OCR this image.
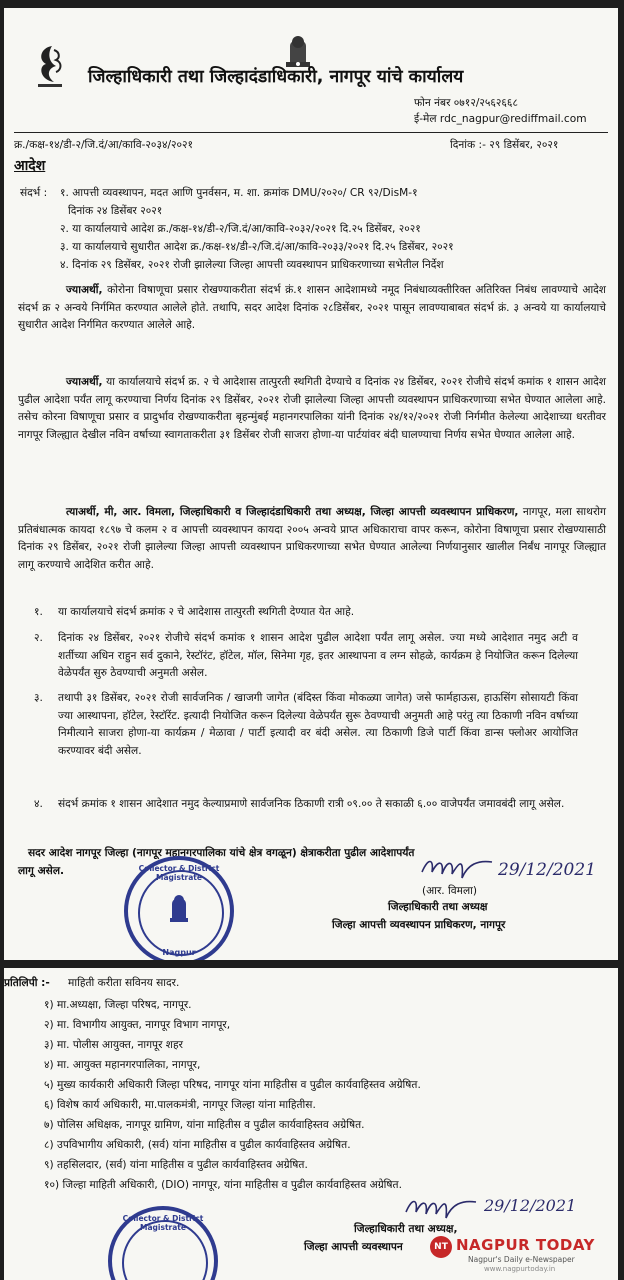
जिल्हाधिकारी तथा जिल्हादंडाधिकारी, नागपूर यांचे कार्यालय
फोन नंबर ०७१२/२५६२६६८
ई-मेल rdc_nagpur@rediffmail.com
क्र./कक्ष-१४/डी-२/जि.दं/आ/कावि-२०३४/२०२१	दिनांक :- २९ डिसेंबर, २०२१
आदेश
संदर्भ : १. आपत्ती व्यवस्थापन, मदत आणि पुनर्वसन, म. शा. क्रमांक DMU/२०२०/ CR ९२/DisM-१
दिनांक २४ डिसेंबर २०२१
२. या कार्यालयाचे आदेश क्र./कक्ष-१४/डी-२/जि.दं/आ/कावि-२०३२/२०२१ दि.२५ डिसेंबर, २०२१
३. या कार्यालयाचे सुधारीत आदेश क्र./कक्ष-१४/डी-२/जि.दं/आ/कावि-२०३३/२०२१ दि.२५ डिसेंबर, २०२१
४. दिनांक २९ डिसेंबर, २०२१ रोजी झालेल्या जिल्हा आपत्ती व्यवस्थापन प्राधिकरणाच्या सभेतील निर्देश
ज्याअर्थी, कोरोना विषाणूचा प्रसार रोखण्याकरीता संदर्भ क्रं.१ शासन आदेशामध्ये नमूद निबंधाव्यक्तीरिक्त अतिरिक्त निबंध लावण्याचे आदेश संदर्भ क्र २ अन्वये निर्गमित करण्यात आलेले होते. तथापि, सदर आदेश दिनांक २८डिसेंबर, २०२१ पासून लावण्याबाबत संदर्भ क्रं. ३ अन्वये या कार्यालयाचे सुधारीत आदेश निर्गमित करण्यात आलेले आहे.
ज्याअर्थी, या कार्यालयाचे संदर्भ क्र. २ चे आदेशास तात्पुरती स्थगिती देण्याचे व दिनांक २४ डिसेंबर, २०२१ रोजीचे संदर्भ कमांक १ शासन आदेश पुढील आदेशा पर्यंत लागू करण्याचा निर्णय दिनांक २९ डिसेंबर, २०२१ रोजी झालेल्या जिल्हा आपत्ती व्यवस्थापन प्राधिकरणाच्या सभेत घेण्यात आलेला आहे. तसेच कोरना विषाणूचा प्रसार व प्रादुर्भाव रोखण्याकरीता बृहन्मुंबई महानगरपालिका यांनी दिनांक २४/१२/२०२१ रोजी निर्गमीत केलेल्या आदेशाच्या धरतीवर नागपूर जिल्ह्यात देखील नविन वर्षाच्या स्वागताकरीता ३१ डिसेंबर रोजी साजरा होणा-या पार्टयांवर बंदी घालण्याचा निर्णय सभेत घेण्यात आलेला आहे.
त्याअर्थी, मी, आर. विमला, जिल्हाधिकारी व जिल्हादंडाधिकारी तथा अध्यक्ष, जिल्हा आपत्ती व्यवस्थापन प्राधिकरण, नागपूर, मला साथरोग प्रतिबंधात्मक कायदा १८९७ चे कलम २ व आपत्ती व्यवस्थापन कायदा २००५ अन्वये प्राप्त अधिकाराचा वापर करून, कोरोना विषाणूचा प्रसार रोखण्यासाठी दिनांक २९ डिसेंबर, २०२१ रोजी झालेल्या जिल्हा आपत्ती व्यवस्थापन प्राधिकरणाच्या सभेत घेण्यात आलेल्या निर्णयानुसार खालील निर्बंध नागपूर जिल्ह्यात लागू करण्याचे आदेशित करीत आहे.
१. या कार्यालयाचे संदर्भ क्रमांक २ चे आदेशास तात्पुरती स्थगिती देण्यात येत आहे.
२. दिनांक २४ डिसेंबर, २०२१ रोजीचे संदर्भ कमांक १ शासन आदेश पुढील आदेशा पर्यंत लागू असेल. ज्या मध्ये आदेशात नमुद अटी व शर्तीच्या अधिन राहुन सर्व दुकाने, रेस्टॉरंट, हॉटेल, मॉल, सिनेमा गृह, इतर आस्थापना व लग्न सोहळे, कार्यक्रम हे नियोजित करून दिलेल्या वेळेपर्यंत सुरु ठेवण्याची अनुमती असेल.
३. तथापी ३१ डिसेंबर, २०२१ रोजी सार्वजनिक / खाजगी जागेत (बंदिस्त किंवा मोकळ्या जागेत) जसे फार्महाऊस, हाऊसिंग सोसायटी किंवा ज्या आस्थापना, हॉटेल, रेस्टॉरेंट. इत्यादी नियोजित करून दिलेल्या वेळेपर्यंत सुरू ठेवण्याची अनुमती आहे परंतु त्या ठिकाणी नविन वर्षाच्या निमीत्याने साजरा होणा-या कार्यक्रम / मेळावा / पार्टी इत्यादी वर बंदी असेल. त्या ठिकाणी डिजे पार्टी किंवा डान्स फ्लोअर आयोजित करण्यावर बंदी असेल.
४. संदर्भ क्रमांक १ शासन आदेशात नमुद केल्याप्रमाणे सार्वजनिक ठिकाणी रात्री ०९.०० ते सकाळी ६.०० वाजेपर्यंत जमावबंदी लागू असेल.
सदर आदेश नागपूर जिल्हा (नागपूर महानगरपालिका यांचे क्षेत्र वगळून) क्षेत्राकरीता पुढील आदेशापर्यंत
लागू असेल.	29/12/2021
(आर. विमला)
जिल्हाधिकारी तथा अध्यक्ष
जिल्हा आपत्ती व्यवस्थापन प्राधिकरण, नागपूर
Collector & District Magistrate
Nagpur
प्रतिलिपी :- माहिती करीता सविनय सादर.
१) मा.अध्यक्षा, जिल्हा परिषद, नागपूर.
२) मा. विभागीय आयुक्त, नागपूर विभाग नागपूर,
३) मा. पोलीस आयुक्त, नागपूर शहर
४) मा. आयुक्त महानगरपालिका, नागपूर,
५) मुख्य कार्यकारी अधिकारी जिल्हा परिषद, नागपूर यांना माहितीस व पुढील कार्यवाहिस्तव अग्रेषित.
६) विशेष कार्य अधिकारी, मा.पालकमंत्री, नागपूर जिल्हा यांना माहितीस.
७) पोलिस अधिक्षक, नागपूर ग्रामिण, यांना माहितीस व पुढील कार्यवाहिस्तव अग्रेषित.
८) उपविभागीय अधिकारी, (सर्व) यांना माहितीस व पुढील कार्यवाहिस्तव अग्रेषित.
९) तहसिलदार, (सर्व) यांना माहितीस व पुढील कार्यवाहिस्तव अग्रेषित.
१०) जिल्हा माहिती अधिकारी, (DIO) नागपूर, यांना माहितीस व पुढील कार्यवाहिस्तव अग्रेषित.
29/12/2021
जिल्हाधिकारी तथा अध्यक्ष,
जिल्हा आपत्ती व्यवस्थापन
Collector & District Magistrate
NT NAGPUR TODAY
Nagpur's Daily e-Newspaper
www.nagpurtoday.in
